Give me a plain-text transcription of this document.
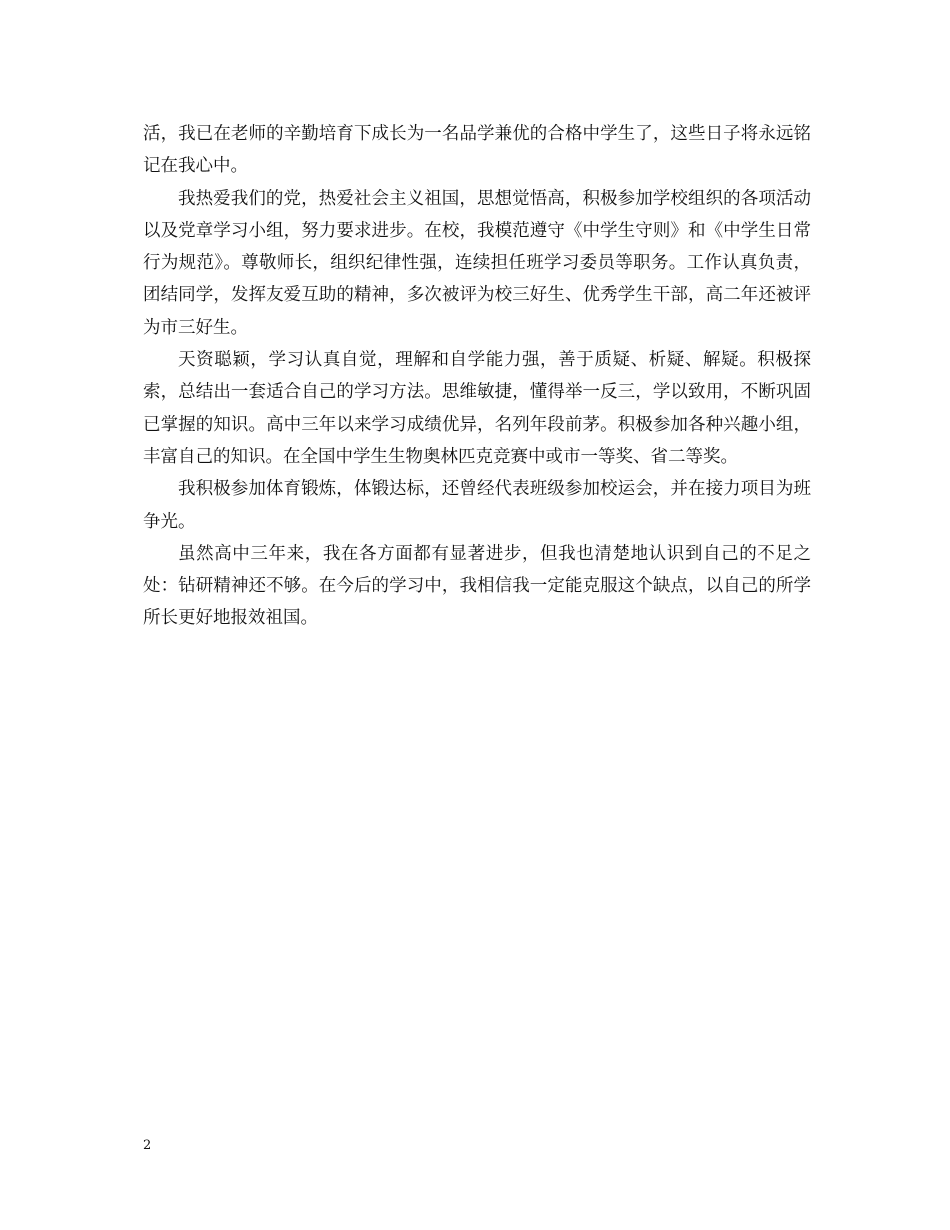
活，我已在老师的辛勤培育下成长为一名品学兼优的合格中学生了，这些日子将永远铭记在我心中。

我热爱我们的党，热爱社会主义祖国，思想觉悟高，积极参加学校组织的各项活动以及党章学习小组，努力要求进步。在校，我模范遵守《中学生守则》和《中学生日常行为规范》。尊敬师长，组织纪律性强，连续担任班学习委员等职务。工作认真负责，团结同学，发挥友爱互助的精神，多次被评为校三好生、优秀学生干部，高二年还被评为市三好生。

天资聪颖，学习认真自觉，理解和自学能力强，善于质疑、析疑、解疑。积极探索，总结出一套适合自己的学习方法。思维敏捷，懂得举一反三，学以致用，不断巩固已掌握的知识。高中三年以来学习成绩优异，名列年段前茅。积极参加各种兴趣小组，丰富自己的知识。在全国中学生生物奥林匹克竞赛中或市一等奖、省二等奖。

我积极参加体育锻炼，体锻达标，还曾经代表班级参加校运会，并在接力项目为班争光。

虽然高中三年来，我在各方面都有显著进步，但我也清楚地认识到自己的不足之处：钻研精神还不够。在今后的学习中，我相信我一定能克服这个缺点，以自己的所学所长更好地报效祖国。

2
